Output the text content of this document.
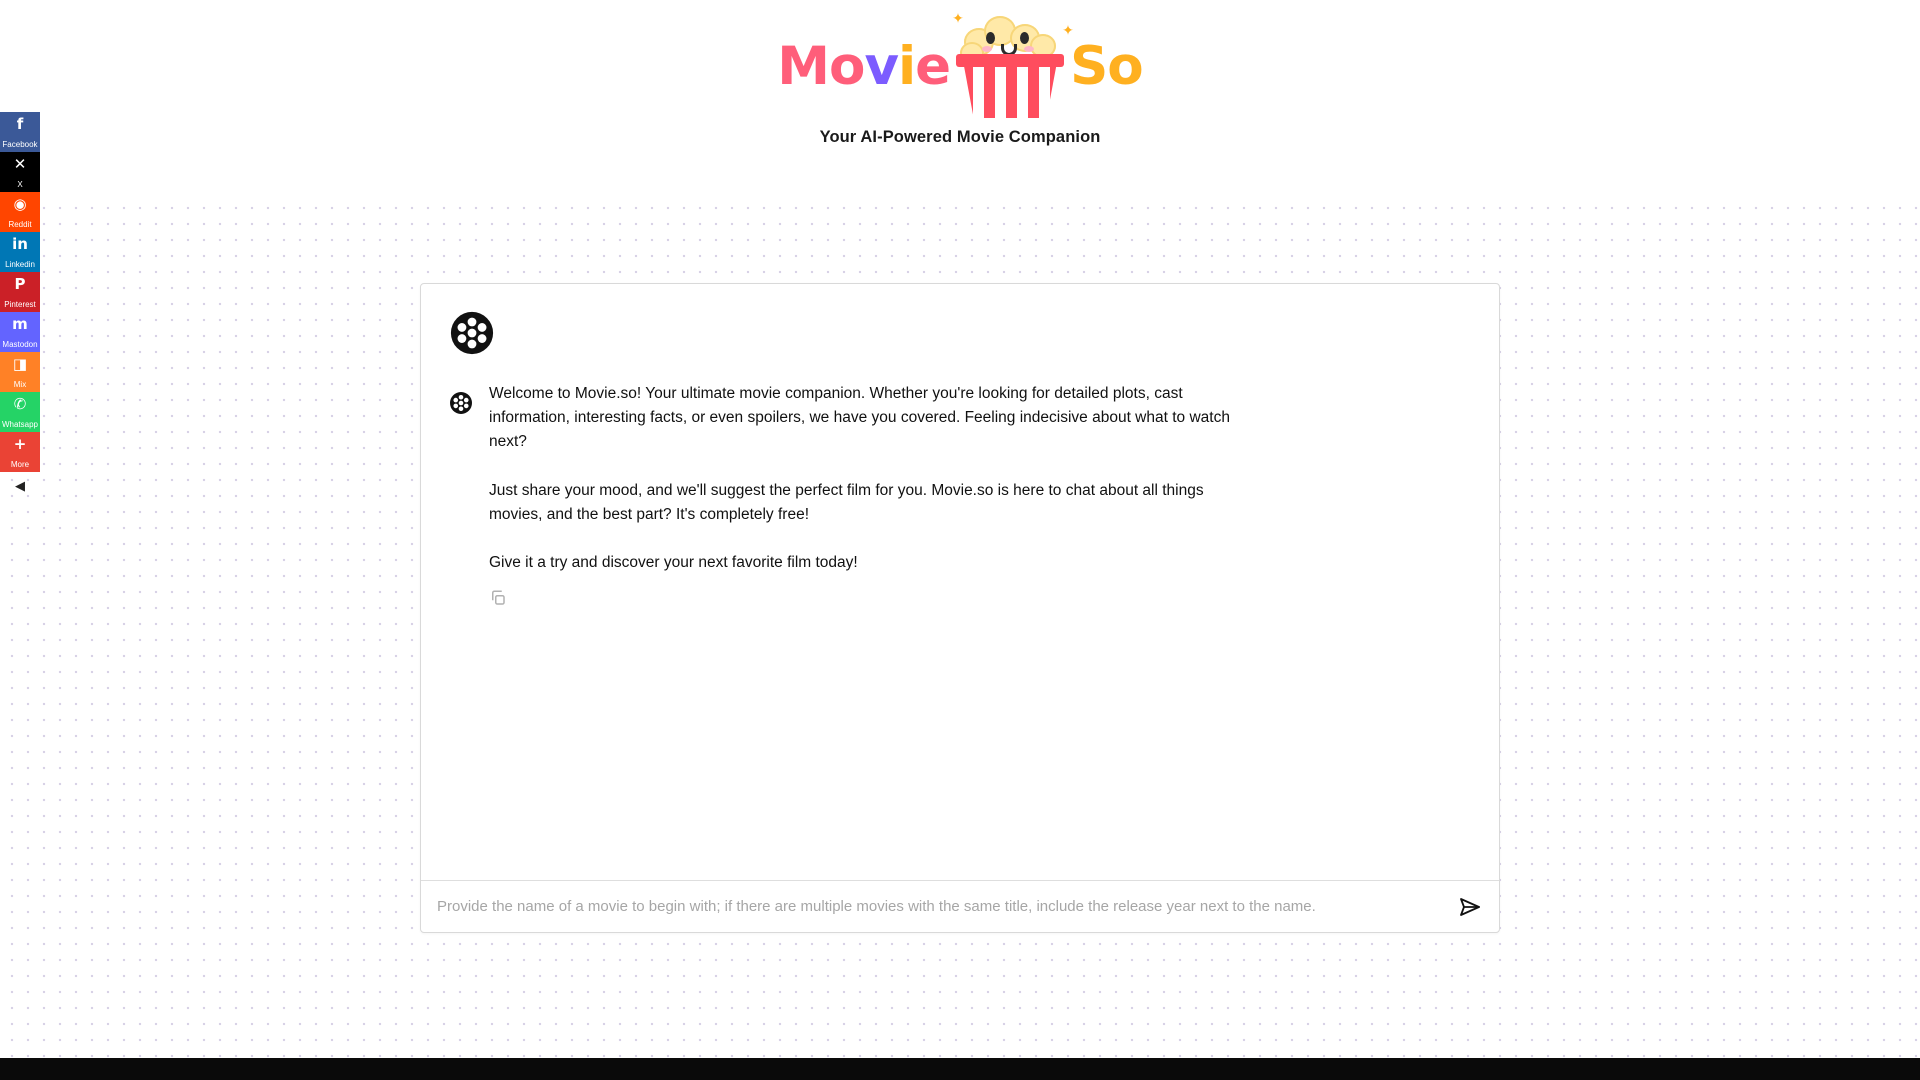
M o v i e
✦
✦
S o
Your AI-Powered Movie Companion

Welcome to Movie.so! Your ultimate movie companion. Whether you're looking for detailed plots, cast information, interesting facts, or even spoilers, we have you covered. Feeling indecisive about what to watch next?

Just share your mood, and we'll suggest the perfect film for you. Movie.so is here to chat about all things movies, and the best part? It's completely free!

Give it a try and discover your next favorite film today!

Provide the name of a movie to begin with; if there are multiple movies with the same title, include the release year next to the name.
f
Facebook
✕
X
◉
Reddit
in
Linkedin
P
Pinterest
m
Mastodon
◨
Mix
✆
Whatsapp
+
More
◀
